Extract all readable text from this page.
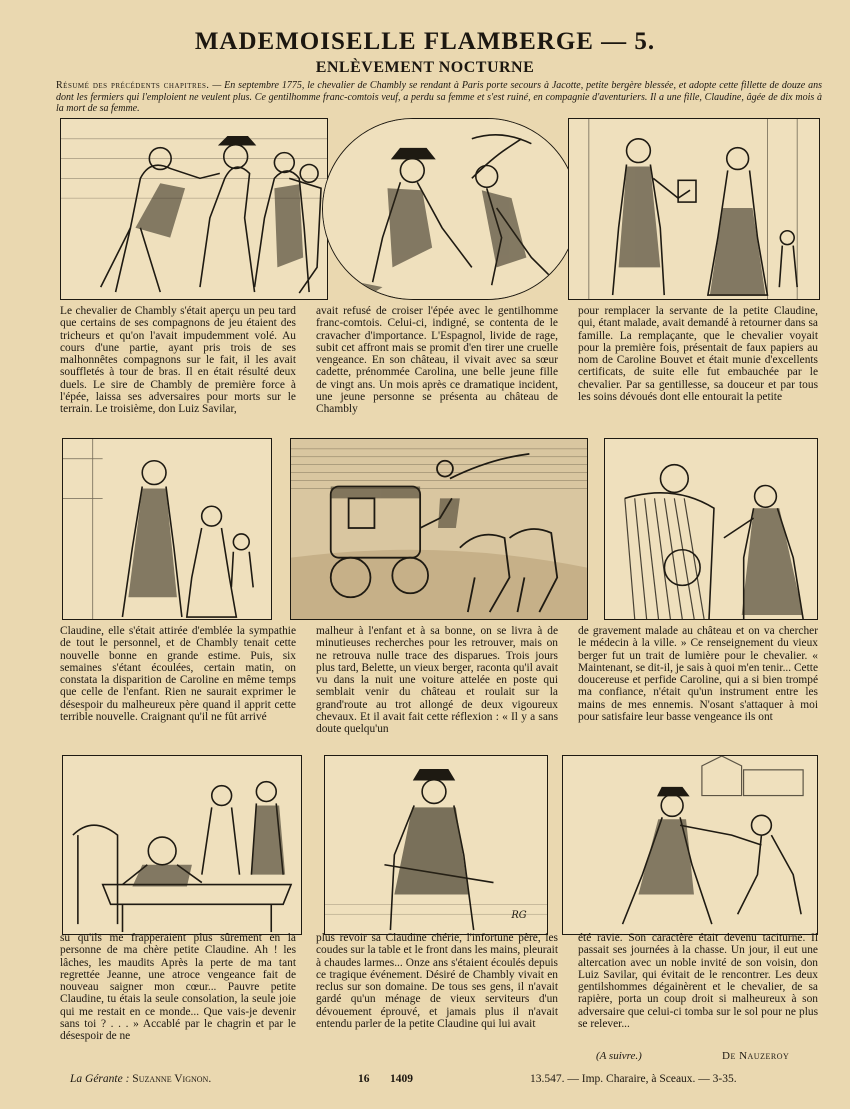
MADEMOISELLE FLAMBERGE — 5.
ENLÈVEMENT NOCTURNE
Résumé des précédents chapitres. — En septembre 1775, le chevalier de Chambly se rendant à Paris porte secours à Jacotte, petite bergère blessée, et adopte cette fillette de douze ans dont les fermiers qui l'emploient ne veulent plus. Ce gentilhomme franc-comtois veuf, a perdu sa femme et s'est ruiné, en compagnie d'aventuriers. Il a une fille, Claudine, âgée de dix mois à la mort de sa femme.
Le chevalier de Chambly s'était aperçu un peu tard que certains de ses compagnons de jeu étaient des tricheurs et qu'on l'avait impudemment volé. Au cours d'une partie, ayant pris trois de ses malhonnêtes compagnons sur le fait, il les avait souffletés à tour de bras. Il en était résulté deux duels. Le sire de Chambly de première force à l'épée, laissa ses adversaires pour morts sur le terrain. Le troisième, don Luiz Savilar,
avait refusé de croiser l'épée avec le gentilhomme franc-comtois. Celui-ci, indigné, se contenta de le cravacher d'importance. L'Espagnol, livide de rage, subit cet affront mais se promit d'en tirer une cruelle vengeance. En son château, il vivait avec sa sœur cadette, prénommée Carolina, une belle jeune fille de vingt ans. Un mois après ce dramatique incident, une jeune personne se présenta au château de Chambly
pour remplacer la servante de la petite Claudine, qui, étant malade, avait demandé à retourner dans sa famille. La remplaçante, que le chevalier voyait pour la première fois, présentait de faux papiers au nom de Caroline Bouvet et était munie d'excellents certificats, de suite elle fut embauchée par le chevalier. Par sa gentillesse, sa douceur et par tous les soins dévoués dont elle entourait la petite
Claudine, elle s'était attirée d'emblée la sympathie de tout le personnel, et de Chambly tenait cette nouvelle bonne en grande estime. Puis, six semaines s'étant écoulées, certain matin, on constata la disparition de Caroline en même temps que celle de l'enfant. Rien ne saurait exprimer le désespoir du malheureux père quand il apprit cette terrible nouvelle. Craignant qu'il ne fût arrivé
malheur à l'enfant et à sa bonne, on se livra à de minutieuses recherches pour les retrouver, mais on ne retrouva nulle trace des disparues. Trois jours plus tard, Belette, un vieux berger, raconta qu'il avait vu dans la nuit une voiture attelée en poste qui semblait venir du château et roulait sur la grand'route au trot allongé de deux vigoureux chevaux. Et il avait fait cette réflexion : « Il y a sans doute quelqu'un
de gravement malade au château et on va chercher le médecin à la ville. » Ce renseignement du vieux berger fut un trait de lumière pour le chevalier. « Maintenant, se dit-il, je sais à quoi m'en tenir... Cette doucereuse et perfide Caroline, qui a si bien trompé ma confiance, n'était qu'un instrument entre les mains de mes ennemis. N'osant s'attaquer à moi pour satisfaire leur basse vengeance ils ont
RG
su qu'ils me frapperaient plus sûrement en la personne de ma chère petite Claudine. Ah ! les lâches, les maudits Après la perte de ma tant regrettée Jeanne, une atroce vengeance fait de nouveau saigner mon cœur... Pauvre petite Claudine, tu étais la seule consolation, la seule joie qui me restait en ce monde... Que vais-je devenir sans toi ? . . . » Accablé par le chagrin et par le désespoir de ne
plus revoir sa Claudine chérie, l'infortune père, les coudes sur la table et le front dans les mains, pleurait à chaudes larmes... Onze ans s'étaient écoulés depuis ce tragique événement. Désiré de Chambly vivait en reclus sur son domaine. De tous ses gens, il n'avait gardé qu'un ménage de vieux serviteurs d'un dévouement éprouvé, et jamais plus il n'avait entendu parler de la petite Claudine qui lui avait
été ravie. Son caractère était devenu taciturne. Il passait ses journées à la chasse. Un jour, il eut une altercation avec un noble invité de son voisin, don Luiz Savilar, qui évitait de le rencontrer. Les deux gentilshommes dégainèrent et le chevalier, de sa rapière, porta un coup droit si malheureux à son adversaire que celui-ci tomba sur le sol pour ne plus se relever...
(A suivre.)	De Nauzeroy
La Gérante : Suzanne Vignon.	16 1409	13.547. — Imp. Charaire, à Sceaux. — 3-35.
